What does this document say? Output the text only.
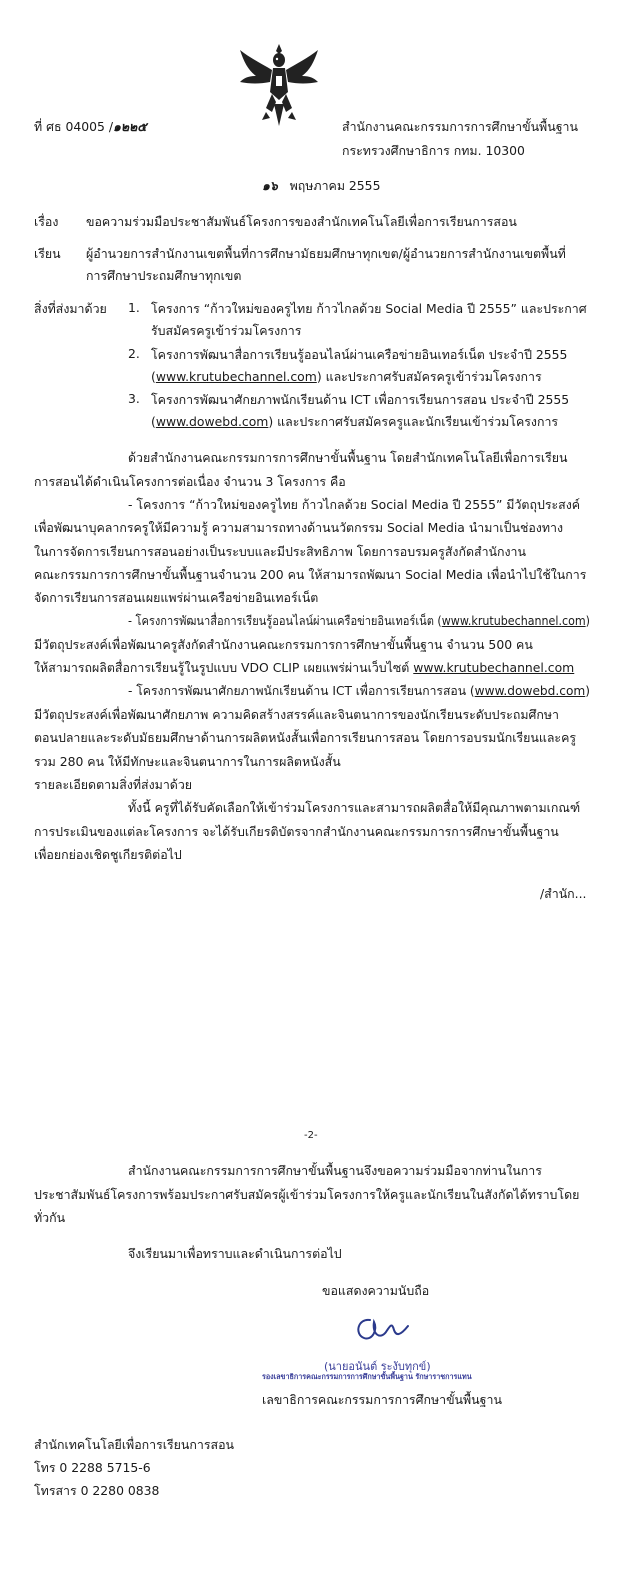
ที่ ศธ 04005 /๑๒๒๕	สำนักงานคณะกรรมการการศึกษาขั้นพื้นฐาน
กระทรวงศึกษาธิการ กทม. 10300
๑๖ พฤษภาคม 2555
เรื่อง ขอความร่วมมือประชาสัมพันธ์โครงการของสำนักเทคโนโลยีเพื่อการเรียนการสอน
เรียน ผู้อำนวยการสำนักงานเขตพื้นที่การศึกษามัธยมศึกษาทุกเขต/ผู้อำนวยการสำนักงานเขตพื้นที่
การศึกษาประถมศึกษาทุกเขต
สิ่งที่ส่งมาด้วย 1. โครงการ “ก้าวใหม่ของครูไทย ก้าวไกลด้วย Social Media ปี 2555” และประกาศ
รับสมัครครูเข้าร่วมโครงการ
2. โครงการพัฒนาสื่อการเรียนรู้ออนไลน์ผ่านเครือข่ายอินเทอร์เน็ต ประจำปี 2555
(www.krutubechannel.com) และประกาศรับสมัครครูเข้าร่วมโครงการ
3. โครงการพัฒนาศักยภาพนักเรียนด้าน ICT เพื่อการเรียนการสอน ประจำปี 2555
(www.dowebd.com) และประกาศรับสมัครครูและนักเรียนเข้าร่วมโครงการ
ด้วยสำนักงานคณะกรรมการการศึกษาขั้นพื้นฐาน โดยสำนักเทคโนโลยีเพื่อการเรียน
การสอนได้ดำเนินโครงการต่อเนื่อง จำนวน 3 โครงการ คือ
- โครงการ “ก้าวใหม่ของครูไทย ก้าวไกลด้วย Social Media ปี 2555” มีวัตถุประสงค์
เพื่อพัฒนาบุคลากรครูให้มีความรู้ ความสามารถทางด้านนวัตกรรม Social Media นำมาเป็นช่องทาง
ในการจัดการเรียนการสอนอย่างเป็นระบบและมีประสิทธิภาพ โดยการอบรมครูสังกัดสำนักงาน
คณะกรรมการการศึกษาขั้นพื้นฐานจำนวน 200 คน ให้สามารถพัฒนา Social Media เพื่อนำไปใช้ในการ
จัดการเรียนการสอนเผยแพร่ผ่านเครือข่ายอินเทอร์เน็ต
- โครงการพัฒนาสื่อการเรียนรู้ออนไลน์ผ่านเครือข่ายอินเทอร์เน็ต (www.krutubechannel.com)
มีวัตถุประสงค์เพื่อพัฒนาครูสังกัดสำนักงานคณะกรรมการการศึกษาขั้นพื้นฐาน จำนวน 500 คน
ให้สามารถผลิตสื่อการเรียนรู้ในรูปแบบ VDO CLIP เผยแพร่ผ่านเว็บไซต์ www.krutubechannel.com
- โครงการพัฒนาศักยภาพนักเรียนด้าน ICT เพื่อการเรียนการสอน (www.dowebd.com)
มีวัตถุประสงค์เพื่อพัฒนาศักยภาพ ความคิดสร้างสรรค์และจินตนาการของนักเรียนระดับประถมศึกษา
ตอนปลายและระดับมัธยมศึกษาด้านการผลิตหนังสั้นเพื่อการเรียนการสอน โดยการอบรมนักเรียนและครู
รวม 280 คน ให้มีทักษะและจินตนาการในการผลิตหนังสั้น
รายละเอียดตามสิ่งที่ส่งมาด้วย
ทั้งนี้ ครูที่ได้รับคัดเลือกให้เข้าร่วมโครงการและสามารถผลิตสื่อให้มีคุณภาพตามเกณฑ์
การประเมินของแต่ละโครงการ จะได้รับเกียรติบัตรจากสำนักงานคณะกรรมการการศึกษาขั้นพื้นฐาน
เพื่อยกย่องเชิดชูเกียรติต่อไป
/สำนัก...
-2-
สำนักงานคณะกรรมการการศึกษาขั้นพื้นฐานจึงขอความร่วมมือจากท่านในการ
ประชาสัมพันธ์โครงการพร้อมประกาศรับสมัครผู้เข้าร่วมโครงการให้ครูและนักเรียนในสังกัดได้ทราบโดย
ทั่วกัน
จึงเรียนมาเพื่อทราบและดำเนินการต่อไป
ขอแสดงความนับถือ
(นายอนันต์ ระงับทุกข์)
รองเลขาธิการคณะกรรมการการศึกษาขั้นพื้นฐาน รักษาราชการแทน
เลขาธิการคณะกรรมการการศึกษาขั้นพื้นฐาน
สำนักเทคโนโลยีเพื่อการเรียนการสอน
โทร 0 2288 5715-6
โทรสาร 0 2280 0838
